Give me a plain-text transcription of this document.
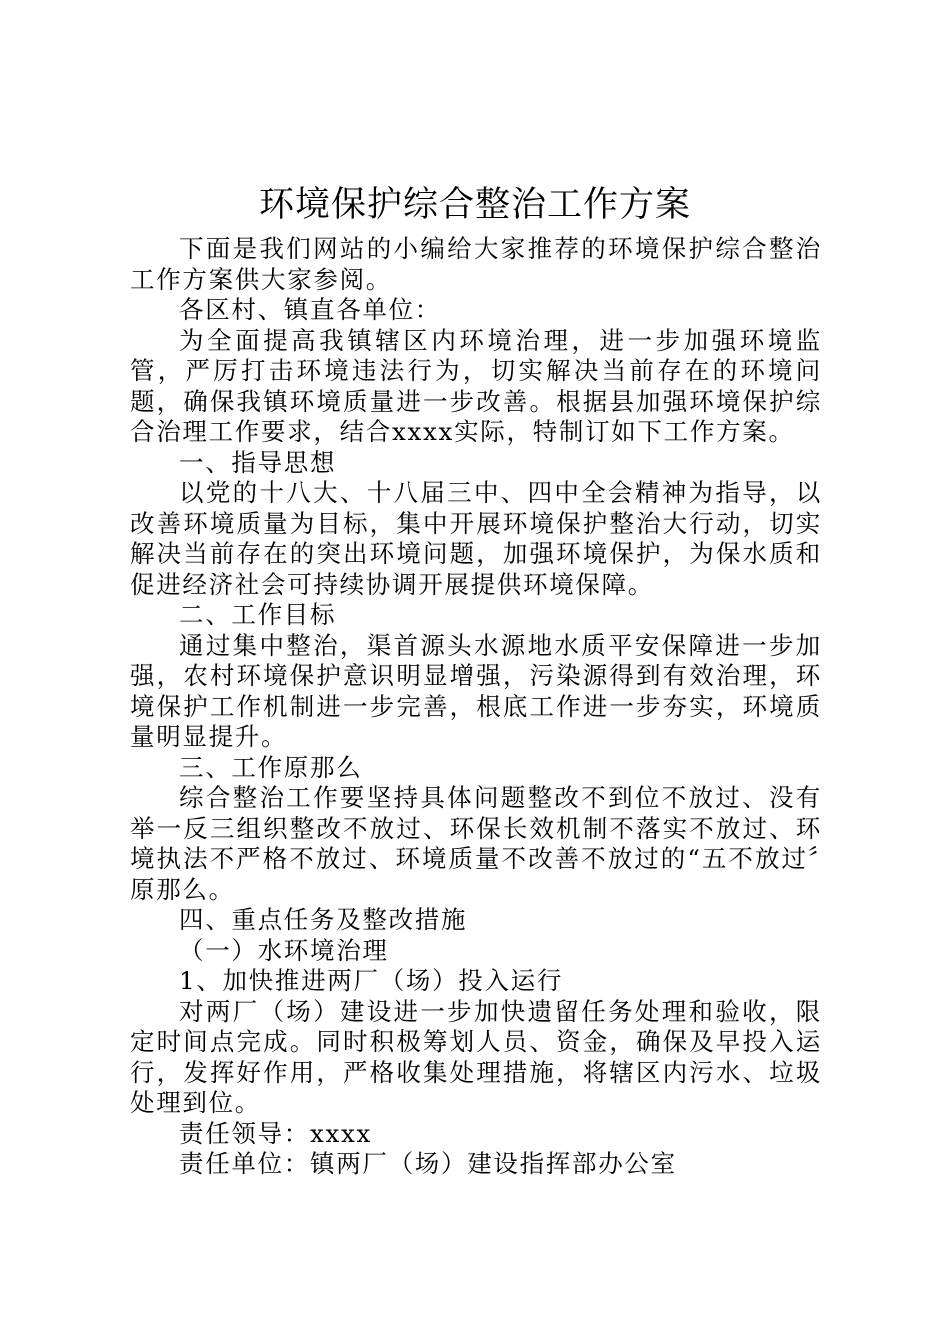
环境保护综合整治工作方案

下面是我们网站的小编给大家推荐的环境保护综合整治工作方案供大家参阅。

各区村、镇直各单位：

为全面提高我镇辖区内环境治理，进一步加强环境监管，严厉打击环境违法行为，切实解决当前存在的环境问题，确保我镇环境质量进一步改善。根据县加强环境保护综合治理工作要求，结合xxxx实际，特制订如下工作方案。

一、指导思想

以党的十八大、十八届三中、四中全会精神为指导，以改善环境质量为目标，集中开展环境保护整治大行动，切实解决当前存在的突出环境问题，加强环境保护，为保水质和促进经济社会可持续协调开展提供环境保障。

二、工作目标

通过集中整治，渠首源头水源地水质平安保障进一步加强，农村环境保护意识明显增强，污染源得到有效治理，环境保护工作机制进一步完善，根底工作进一步夯实，环境质量明显提升。

三、工作原那么

综合整治工作要坚持具体问题整改不到位不放过、没有举一反三组织整改不放过、环保长效机制不落实不放过、环境执法不严格不放过、环境质量不改善不放过的“五不放过〞原那么。

四、重点任务及整改措施

（一）水环境治理

1、加快推进两厂（场）投入运行

对两厂（场）建设进一步加快遗留任务处理和验收，限定时间点完成。同时积极筹划人员、资金，确保及早投入运行，发挥好作用，严格收集处理措施，将辖区内污水、垃圾处理到位。

责任领导：xxxx

责任单位：镇两厂（场）建设指挥部办公室
